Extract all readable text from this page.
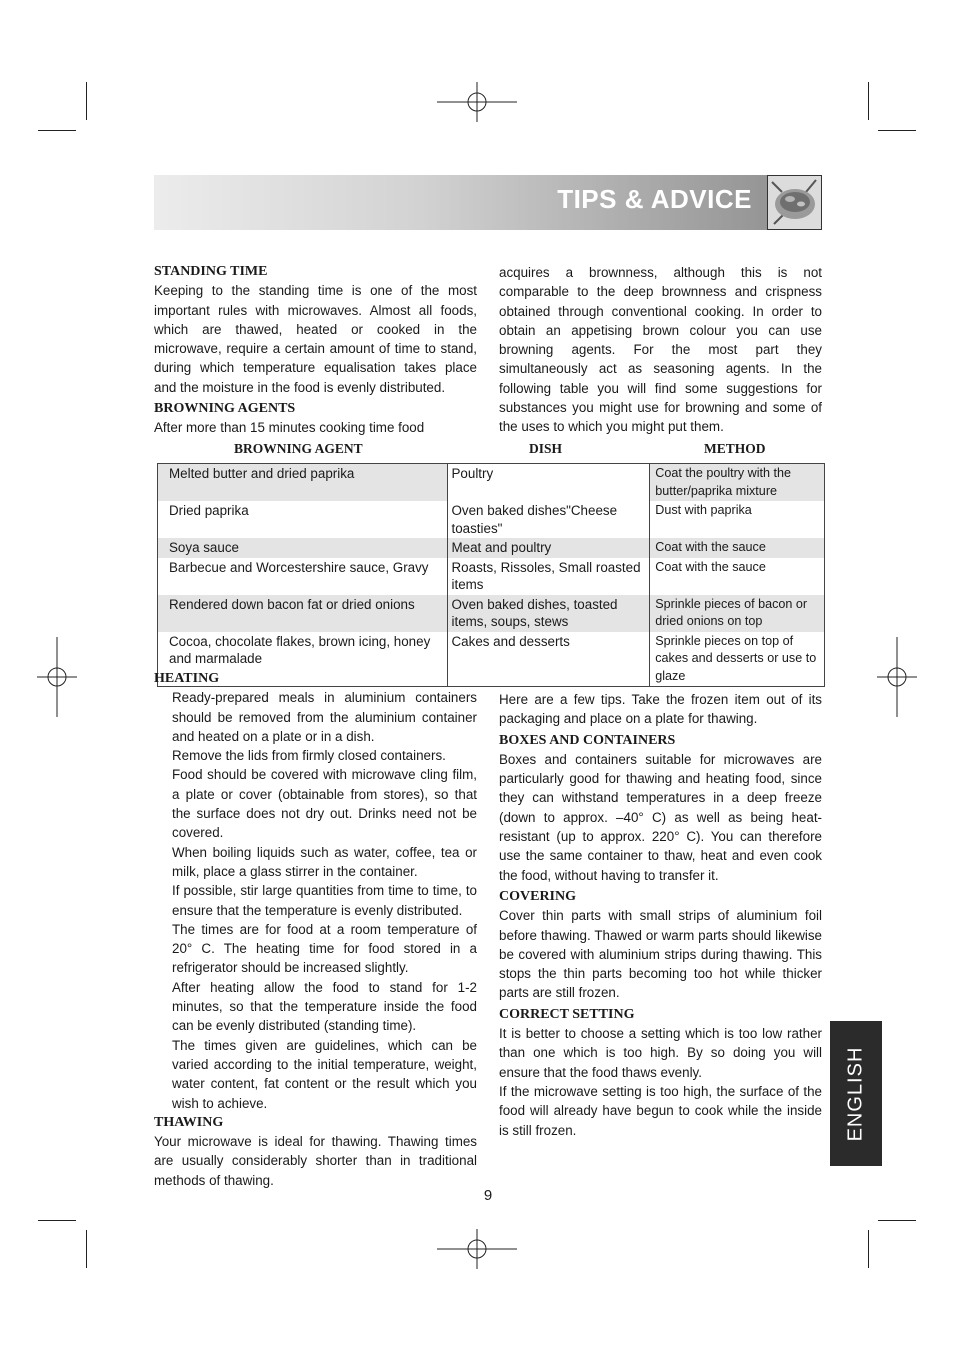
TIPS & ADVICE

STANDING TIME

Keeping to the standing time is one of the most important rules with microwaves. Almost all foods, which are thawed, heated or cooked in the microwave, require a certain amount of time to stand, during which temperature equalisation takes place and the moisture in the food is evenly distributed.

BROWNING AGENTS

After more than 15 minutes cooking time food

acquires a brownness, although this is not comparable to the deep brownness and crispness obtained through conventional cooking. In order to obtain an appetising brown colour you can use browning agents. For the most part they simultaneously act as seasoning agents. In the following table you will find some suggestions for substances you might use for browning and some of the uses to which you might put them.

BROWNING AGENT	DISH	METHOD
Melted butter and dried paprika	Poultry	Coat the poultry with the butter/paprika mixture
Dried paprika	Oven baked dishes"Cheese toasties"	Dust with paprika
Soya sauce	Meat and poultry	Coat with the sauce
Barbecue and Worcestershire sauce, Gravy	Roasts, Rissoles, Small roasted items	Coat with the sauce
Rendered down bacon fat or dried onions	Oven baked dishes, toasted items, soups, stews	Sprinkle pieces of bacon or dried onions on top
Cocoa, chocolate flakes, brown icing, honey and marmalade	Cakes and desserts	Sprinkle pieces on top of cakes and desserts or use to glaze

HEATING

Ready-prepared meals in aluminium containers should be removed from the aluminium container and heated on a plate or in a dish.

Remove the lids from firmly closed containers.

Food should be covered with microwave cling film, a plate or cover (obtainable from stores), so that the surface does not dry out. Drinks need not be covered.

When boiling liquids such as water, coffee, tea or milk, place a glass stirrer in the container.

If possible, stir large quantities from time to time, to ensure that the temperature is evenly distributed.

The times are for food at a room temperature of 20° C. The heating time for food stored in a refrigerator should be increased slightly.

After heating allow the food to stand for 1-2 minutes, so that the temperature inside the food can be evenly distributed (standing time).

The times given are guidelines, which can be varied according to the initial temperature, weight, water content, fat content or the result which you wish to achieve.

THAWING

Your microwave is ideal for thawing. Thawing times are usually considerably shorter than in traditional methods of thawing.

Here are a few tips. Take the frozen item out of its packaging and place on a plate for thawing.

BOXES AND CONTAINERS

Boxes and containers suitable for microwaves are particularly good for thawing and heating food, since they can withstand temperatures in a deep freeze (down to approx. –40° C) as well as being heat-resistant (up to approx. 220° C). You can therefore use the same container to thaw, heat and even cook the food, without having to transfer it.

COVERING

Cover thin parts with small strips of aluminium foil before thawing. Thawed or warm parts should likewise be covered with aluminium strips during thawing. This stops the thin parts becoming too hot while thicker parts are still frozen.

CORRECT SETTING

It is better to choose a setting which is too low rather than one which is too high. By so doing you will ensure that the food thaws evenly.

If the microwave setting is too high, the surface of the food will already have begun to cook while the inside is still frozen.	ENGLISH
9
